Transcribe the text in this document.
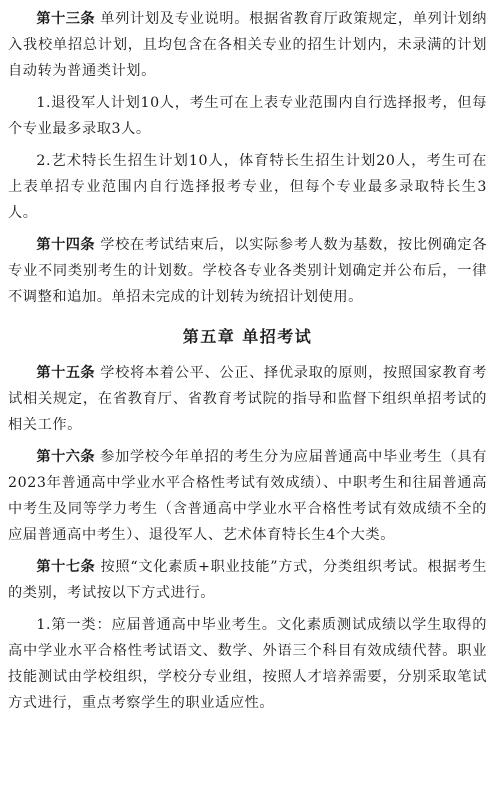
第十三条 单列计划及专业说明。根据省教育厅政策规定，单列计划纳入我校单招总计划，且均包含在各相关专业的招生计划内，未录满的计划自动转为普通类计划。

1.退役军人计划10人，考生可在上表专业范围内自行选择报考，但每个专业最多录取3人。

2.艺术特长生招生计划10人，体育特长生招生计划20人，考生可在上表单招专业范围内自行选择报考专业，但每个专业最多录取特长生3人。

第十四条 学校在考试结束后，以实际参考人数为基数，按比例确定各专业不同类别考生的计划数。学校各专业各类别计划确定并公布后，一律不调整和追加。单招未完成的计划转为统招计划使用。

第五章 单招考试

第十五条 学校将本着公平、公正、择优录取的原则，按照国家教育考试相关规定，在省教育厅、省教育考试院的指导和监督下组织单招考试的相关工作。

第十六条 参加学校今年单招的考生分为应届普通高中毕业考生（具有2023年普通高中学业水平合格性考试有效成绩）、中职考生和往届普通高中考生及同等学力考生（含普通高中学业水平合格性考试有效成绩不全的应届普通高中考生）、退役军人、艺术体育特长生4个大类。

第十七条 按照“文化素质+职业技能”方式，分类组织考试。根据考生的类别，考试按以下方式进行。

1.第一类：应届普通高中毕业考生。文化素质测试成绩以学生取得的高中学业水平合格性考试语文、数学、外语三个科目有效成绩代替。职业技能测试由学校组织，学校分专业组，按照人才培养需要，分别采取笔试方式进行，重点考察学生的职业适应性。
